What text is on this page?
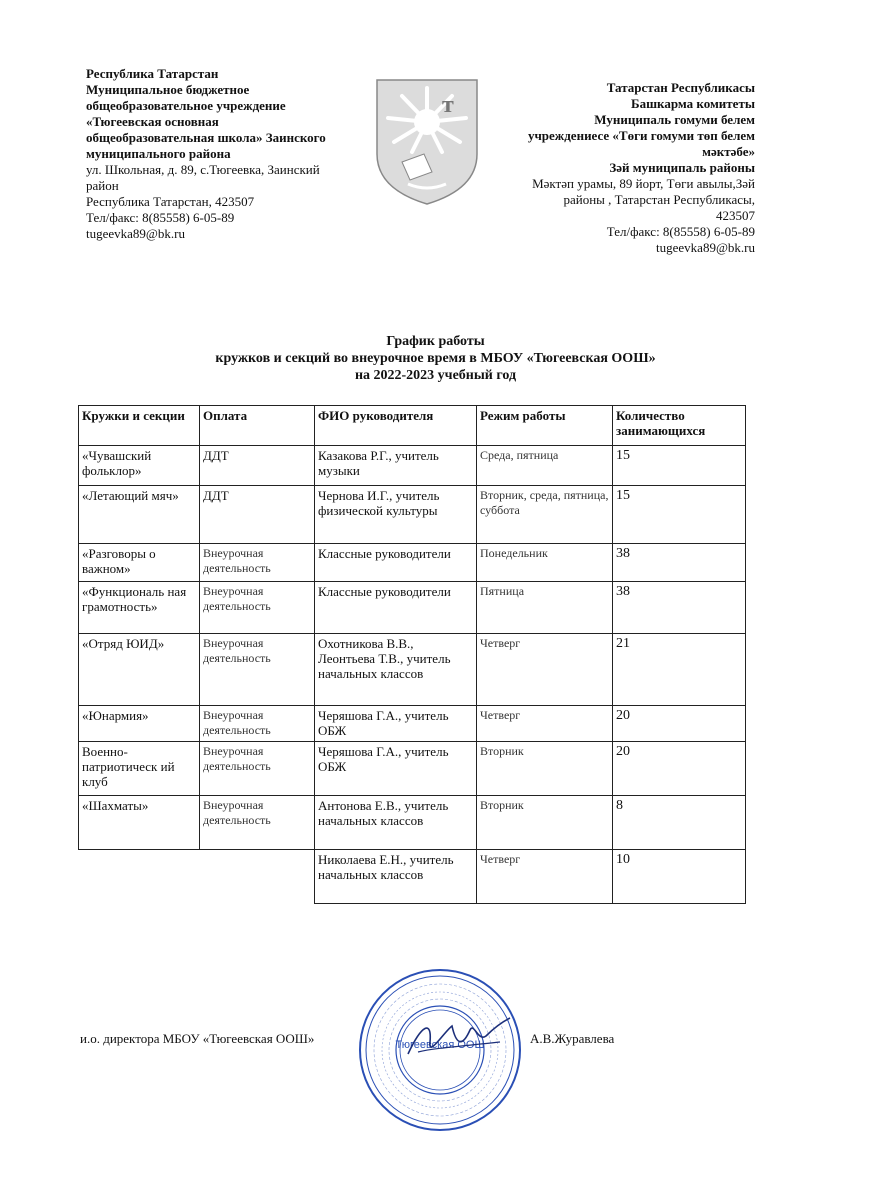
Республика Татарстан
Муниципальное бюджетное
общеобразовательное учреждение
«Тюгеевская основная
общеобразовательная школа» Заинского
муниципального района
ул. Школьная, д. 89, с.Тюгеевка, Заинский
район
Республика Татарстан, 423507
Тел/факс: 8(85558) 6-05-89
tugeevka89@bk.ru
т
Татарстан Республикасы
Башкарма комитеты
Муниципаль гомуми белем
учреждениесе «Төги гомуми төп белем
мәктәбе»
Зәй муниципаль районы
Мәктәп урамы, 89 йорт, Төги авылы,Зәй
районы , Татарстан Республикасы,
423507
Тел/факс: 8(85558) 6-05-89
tugeevka89@bk.ru
График работы
кружков и секций во внеурочное время в МБОУ «Тюгеевская ООШ»
на 2022-2023 учебный год
Кружки и секции	Оплата	ФИО руководителя	Режим работы	Количество занимающихся
«Чувашский фольклор»	ДДТ	Казакова Р.Г., учитель музыки	Среда, пятница	15
«Летающий мяч»	ДДТ	Чернова И.Г., учитель физической культуры	Вторник, среда, пятница, суббота	15
«Разговоры о важном»	Внеурочная деятельность	Классные руководители	Понедельник	38
«Функциональ ная грамотность»	Внеурочная деятельность	Классные руководители	Пятница	38
«Отряд ЮИД»	Внеурочная деятельность	Охотникова В.В., Леонтьева Т.В., учитель начальных классов	Четверг	21
«Юнармия»	Внеурочная деятельность	Черяшова Г.А., учитель ОБЖ	Четверг	20
Военно-патриотическ ий клуб	Внеурочная деятельность	Черяшова Г.А., учитель ОБЖ	Вторник	20
«Шахматы»	Внеурочная деятельность	Антонова Е.В., учитель начальных классов	Вторник	8
		Николаева Е.Н., учитель начальных классов	Четверг	10
Тюгеевская ООШ
и.о. директора МБОУ «Тюгеевская ООШ»	А.В.Журавлева
